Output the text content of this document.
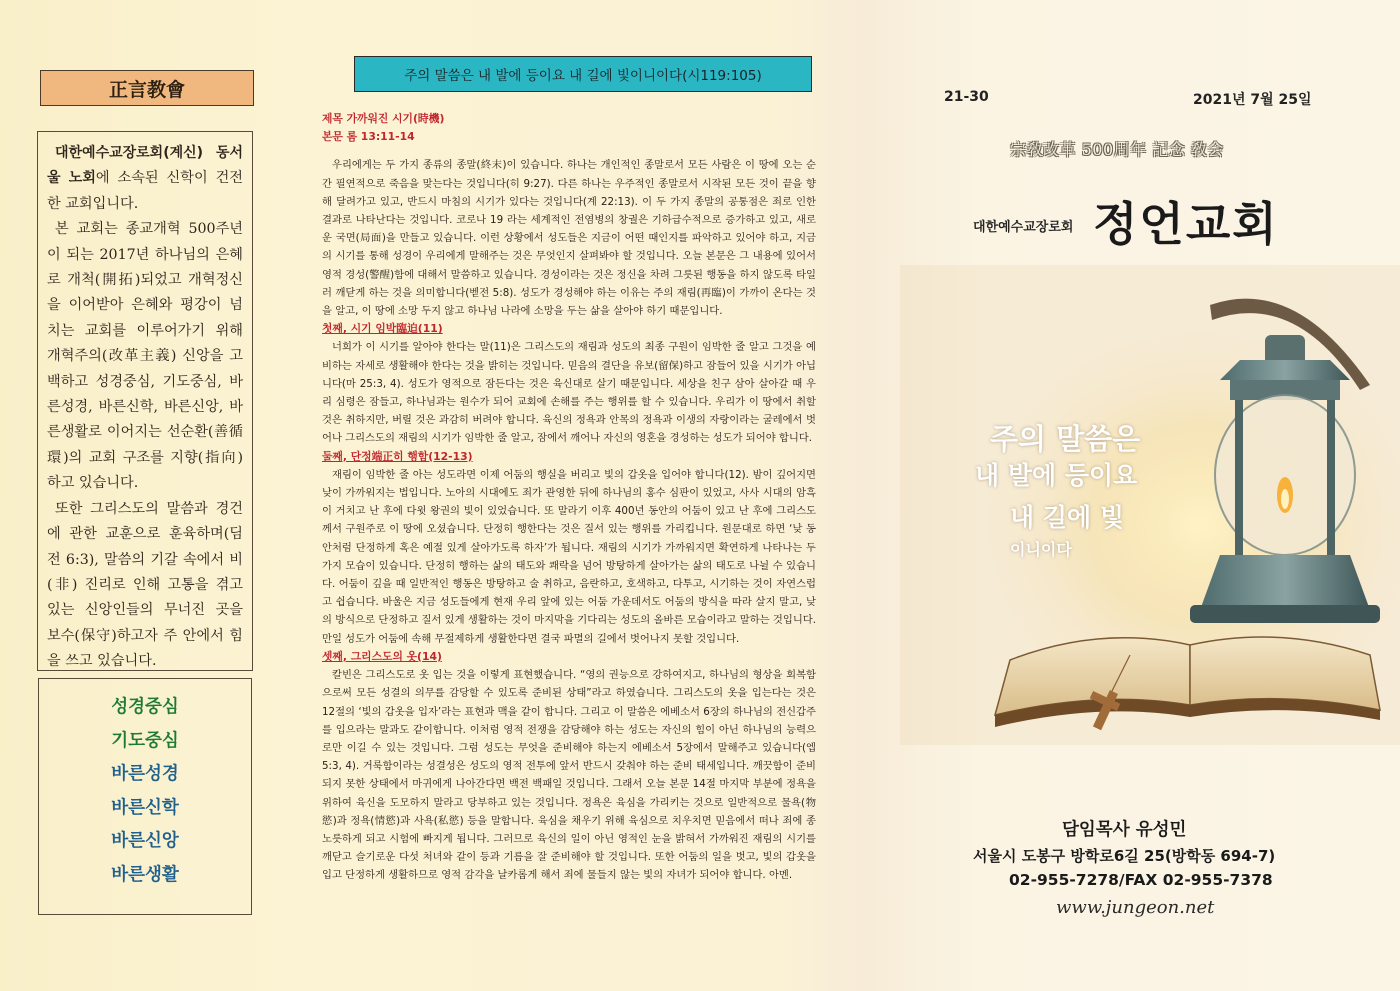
正言教會

대한예수교장로회(계신) 동서울 노회에 소속된 신학이 건전한 교회입니다.

본 교회는 종교개혁 500주년이 되는 2017년 하나님의 은혜로 개척(開拓)되었고 개혁정신을 이어받아 은혜와 평강이 넘치는 교회를 이루어가기 위해 개혁주의(改革主義) 신앙을 고백하고 성경중심, 기도중심, 바른성경, 바른신학, 바른신앙, 바른생활로 이어지는 선순환(善循環)의 교회 구조를 지향(指向)하고 있습니다.

또한 그리스도의 말씀과 경건에 관한 교훈으로 훈육하며(딤전 6:3), 말씀의 기갈 속에서 비(非) 진리로 인해 고통을 겪고 있는 신앙인들의 무너진 곳을 보수(保守)하고자 주 안에서 힘을 쓰고 있습니다.

성경중심
기도중심
바른성경
바른신학
바른신앙
바른생활
주의 말씀은 내 발에 등이요 내 길에 빛이니이다(시119:105)
제목 가까워진 시기(時機)
본문 롬 13:11-14

우리에게는 두 가지 종류의 종말(終末)이 있습니다. 하나는 개인적인 종말로서 모든 사람은 이 땅에 오는 순간 필연적으로 죽음을 맞는다는 것입니다(히 9:27). 다른 하나는 우주적인 종말로서 시작된 모든 것이 끝을 향해 달려가고 있고, 반드시 마침의 시기가 있다는 것입니다(계 22:13). 이 두 가지 종말의 공통점은 죄로 인한 결과로 나타난다는 것입니다. 코로나 19 라는 세계적인 전염병의 창궐은 기하급수적으로 증가하고 있고, 새로운 국면(局面)을 만들고 있습니다. 이런 상황에서 성도들은 지금이 어떤 때인지를 파악하고 있어야 하고, 지금의 시기를 통해 성경이 우리에게 말해주는 것은 무엇인지 살펴봐야 할 것입니다. 오늘 본문은 그 내용에 있어서 영적 경성(警醒)함에 대해서 말씀하고 있습니다. 경성이라는 것은 정신을 차려 그릇된 행동을 하지 않도록 타일러 깨닫게 하는 것을 의미합니다(벧전 5:8). 성도가 경성해야 하는 이유는 주의 재림(再臨)이 가까이 온다는 것을 알고, 이 땅에 소망 두지 않고 하나님 나라에 소망을 두는 삶을 살아야 하기 때문입니다.

첫째, 시기 임박臨迫(11)

너희가 이 시기를 알아야 한다는 말(11)은 그리스도의 재림과 성도의 최종 구원이 임박한 줄 알고 그것을 예비하는 자세로 생활해야 한다는 것을 밝히는 것입니다. 믿음의 결단을 유보(留保)하고 잠들어 있을 시기가 아닙니다(마 25:3, 4). 성도가 영적으로 잠든다는 것은 육신대로 살기 때문입니다. 세상을 친구 삼아 살아갈 때 우리 심령은 잠들고, 하나님과는 원수가 되어 교회에 손해를 주는 행위를 할 수 있습니다. 우리가 이 땅에서 취할 것은 취하지만, 버릴 것은 과감히 버려야 합니다. 육신의 정욕과 안목의 정욕과 이생의 자랑이라는 굴레에서 벗어나 그리스도의 재림의 시기가 임박한 줄 알고, 잠에서 깨어나 자신의 영혼을 경성하는 성도가 되어야 합니다.

둘째, 단정端正히 행함(12-13)

재림이 임박한 줄 아는 성도라면 이제 어둠의 행실을 버리고 빛의 갑옷을 입어야 합니다(12). 밤이 깊어지면 낮이 가까워지는 법입니다. 노아의 시대에도 죄가 관영한 뒤에 하나님의 홍수 심판이 있었고, 사사 시대의 암흑이 거치고 난 후에 다윗 왕권의 빛이 있었습니다. 또 말라기 이후 400년 동안의 어둠이 있고 난 후에 그리스도께서 구원주로 이 땅에 오셨습니다. 단정히 행한다는 것은 질서 있는 행위를 가리킵니다. 원문대로 하면 ‘낮 동안처럼 단정하게 혹은 예절 있게 살아가도록 하자’가 됩니다. 재림의 시기가 가까워지면 확연하게 나타나는 두 가지 모습이 있습니다. 단정히 행하는 삶의 태도와 쾌락을 넘어 방탕하게 살아가는 삶의 태도로 나뉠 수 있습니다. 어둠이 깊을 때 일반적인 행동은 방탕하고 술 취하고, 음란하고, 호색하고, 다투고, 시기하는 것이 자연스럽고 쉽습니다. 바울은 지금 성도들에게 현재 우리 앞에 있는 어둠 가운데서도 어둠의 방식을 따라 살지 말고, 낮의 방식으로 단정하고 질서 있게 생활하는 것이 마지막을 기다리는 성도의 올바른 모습이라고 말하는 것입니다. 만일 성도가 어둠에 속해 무절제하게 생활한다면 결국 파멸의 길에서 벗어나지 못할 것입니다.

셋째, 그리스도의 옷(14)

칼빈은 그리스도로 옷 입는 것을 이렇게 표현했습니다. “영의 권능으로 강하여지고, 하나님의 형상을 회복함으로써 모든 성결의 의무를 감당할 수 있도록 준비된 상태”라고 하였습니다. 그리스도의 옷을 입는다는 것은 12절의 ‘빛의 갑옷을 입자’라는 표현과 맥을 같이 합니다. 그리고 이 말씀은 에베소서 6장의 하나님의 전신갑주를 입으라는 말과도 같이합니다. 이처럼 영적 전쟁을 감당해야 하는 성도는 자신의 힘이 아닌 하나님의 능력으로만 이길 수 있는 것입니다. 그럼 성도는 무엇을 준비해야 하는지 에베소서 5장에서 말해주고 있습니다(엡 5:3, 4). 거룩함이라는 성결성은 성도의 영적 전투에 앞서 반드시 갖춰야 하는 준비 태세입니다. 깨끗함이 준비되지 못한 상태에서 마귀에게 나아간다면 백전 백패일 것입니다. 그래서 오늘 본문 14절 마지막 부분에 정욕을 위하여 육신을 도모하지 말라고 당부하고 있는 것입니다. 정욕은 육심을 가리키는 것으로 일반적으로 물욕(物慾)과 정욕(情慾)과 사욕(私慾) 등을 말합니다. 육심을 채우기 위해 육심으로 치우치면 믿음에서 떠나 죄에 종 노릇하게 되고 시험에 빠지게 됩니다. 그러므로 육신의 일이 아닌 영적인 눈을 밝혀서 가까워진 재림의 시기를 깨닫고 슬기로운 다섯 처녀와 같이 등과 기름을 잘 준비해야 할 것입니다. 또한 어둠의 일을 벗고, 빛의 갑옷을 입고 단정하게 생활하므로 영적 감각을 날카롭게 해서 죄에 물들지 않는 빛의 자녀가 되어야 합니다. 아멘.

21-30	2021년 7월 25일
宗敎改革 500周年 記念 敎会
대한예수교장로회 정언교회
주의 말씀은
내 발에 등이요
내 길에 빛
이니이다
담임목사 유성민
서울시 도봉구 방학로6길 25(방학동 694-7)
02-955-7278/FAX 02-955-7378
www.jungeon.net
